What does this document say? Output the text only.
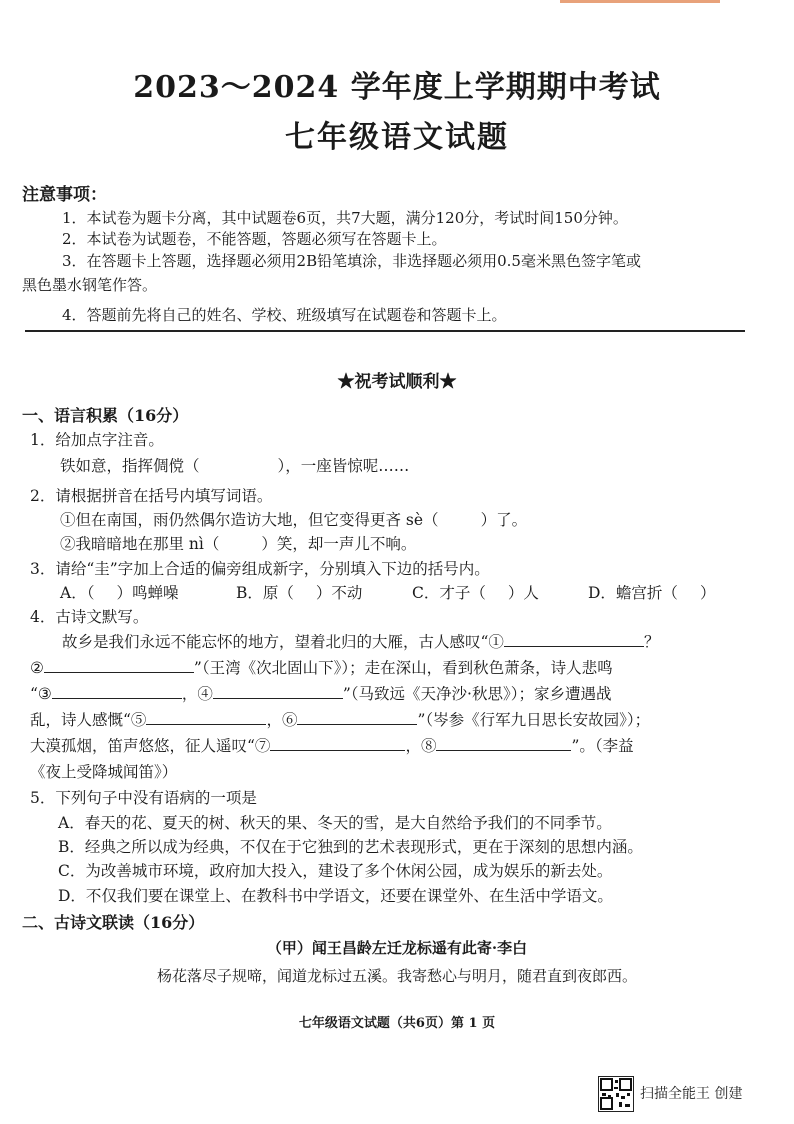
2023～2024 学年度上学期期中考试
七年级语文试题
注意事项：
1．本试卷为题卡分离，其中试题卷6页，共7大题，满分120分，考试时间150分钟。
2．本试卷为试题卷，不能答题，答题必须写在答题卡上。
3．在答题卡上答题，选择题必须用2B铅笔填涂，非选择题必须用0.5毫米黑色签字笔或
黑色墨水钢笔作答。
4．答题前先将自己的姓名、学校、班级填写在试题卷和答题卡上。
★祝考试顺利★
一、语言积累（16分）
1．给加点字注音。
铁如意，指挥倜傥（	），一座皆惊呢……
2．请根据拼音在括号内填写词语。
①但在南国，雨仍然偶尔造访大地，但它变得更吝 sè（	）了。
②我暗暗地在那里 nì（	）笑，却一声儿不响。
3．请给“圭”字加上合适的偏旁组成新字，分别填入下边的括号内。
A．（ ）鸣蝉噪	B．原（ ）不动	C．才子（ ）人	D．蟾宫折（ ）
4．古诗文默写。
故乡是我们永远不能忘怀的地方，望着北归的大雁，古人感叹“①	？
②	”（王湾《次北固山下》）；走在深山，看到秋色萧条，诗人悲鸣
“③	，④	”（马致远《天净沙·秋思》）；家乡遭遇战
乱，诗人感慨“⑤	，⑥	”（岑参《行军九日思长安故园》）；
大漠孤烟，笛声悠悠，征人遥叹“⑦	，⑧	”。（李益
《夜上受降城闻笛》）
5．下列句子中没有语病的一项是
A．春天的花、夏天的树、秋天的果、冬天的雪，是大自然给予我们的不同季节。
B．经典之所以成为经典，不仅在于它独到的艺术表现形式，更在于深刻的思想内涵。
C．为改善城市环境，政府加大投入，建设了多个休闲公园，成为娱乐的新去处。
D．不仅我们要在课堂上、在教科书中学语文，还要在课堂外、在生活中学语文。
二、古诗文联读（16分）
（甲）闻王昌龄左迁龙标遥有此寄·李白
杨花落尽子规啼，闻道龙标过五溪。我寄愁心与明月，随君直到夜郎西。
七年级语文试题（共6页）第 1 页
扫描全能王 创建
